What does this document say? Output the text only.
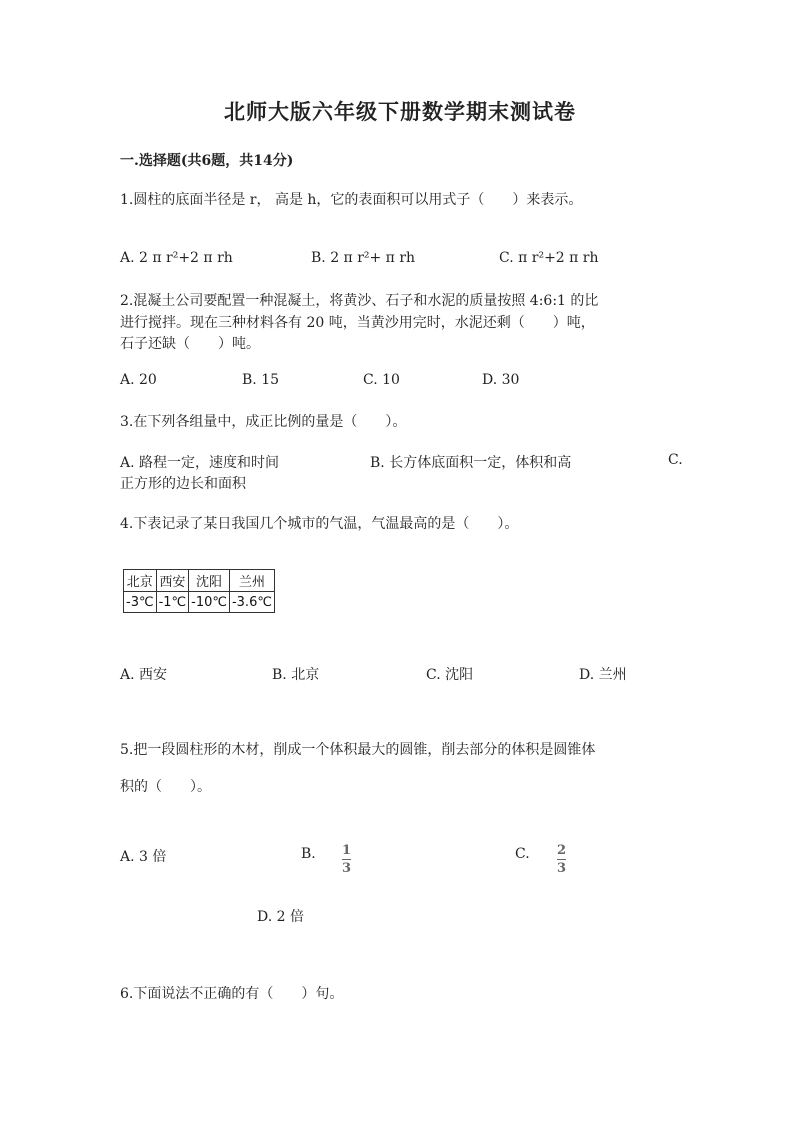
北师大版六年级下册数学期末测试卷
一.选择题(共6题，共14分)
1.圆柱的底面半径是 r， 高是 h，它的表面积可以用式子（　　）来表示。
A. 2 π r²+2 π rh	B. 2 π r²+ π rh	C. π r²+2 π rh
2.混凝土公司要配置一种混凝土，将黄沙、石子和水泥的质量按照 4:6:1 的比
进行搅拌。现在三种材料各有 20 吨，当黄沙用完时，水泥还剩（　　）吨，
石子还缺（　　）吨。
A. 20	B. 15	C. 10	D. 30
3.在下列各组量中，成正比例的量是（　　）。
A. 路程一定，速度和时间	B. 长方体底面积一定，体积和高	C.
正方形的边长和面积
4.下表记录了某日我国几个城市的气温，气温最高的是（　　）。
北京	西安	沈阳	兰州
-3℃	-1℃	-10℃	-3.6℃
A. 西安	B. 北京	C. 沈阳	D. 兰州
5.把一段圆柱形的木材，削成一个体积最大的圆锥，削去部分的体积是圆锥体
积的（　　）。
A. 3 倍	B. $\frac{1}{3}$	C. $\frac{2}{3}$
D. 2 倍
6.下面说法不正确的有（　　）句。
